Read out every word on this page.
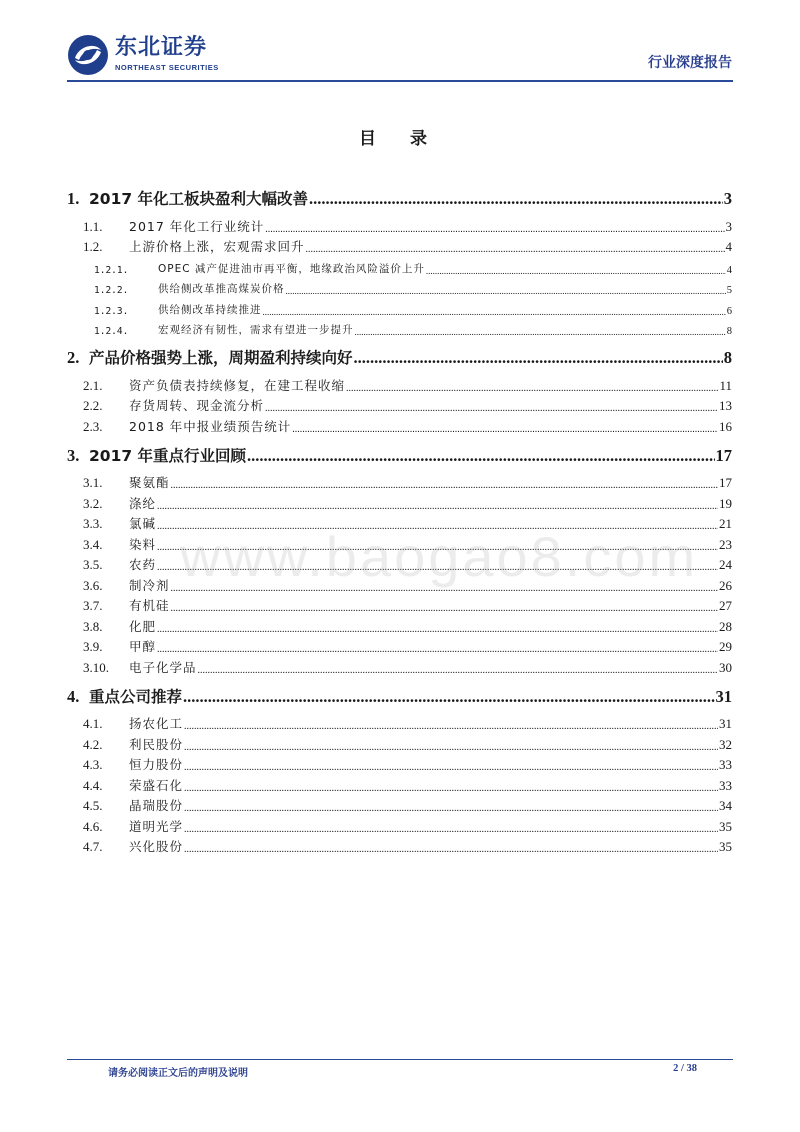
东北证券
NORTHEAST SECURITIES	行业深度报告
目 录
1. 2017 年化工板块盈利大幅改善 .....	3
1.1.	2017 年化工行业统计 .....	3
1.2.	上游价格上涨，宏观需求回升 .....	4
1.2.1.	OPEC 减产促进油市再平衡，地缘政治风险溢价上升 .....	4
1.2.2.	供给侧改革推高煤炭价格 .....	5
1.2.3.	供给侧改革持续推进 .....	6
1.2.4.	宏观经济有韧性，需求有望进一步提升 .....	8
2. 产品价格强势上涨，周期盈利持续向好 .....	8
2.1.	资产负债表持续修复，在建工程收缩 .....	11
2.2.	存货周转、现金流分析 .....	13
2.3.	2018 年中报业绩预告统计 .....	16
3. 2017 年重点行业回顾 .....	17
3.1.	聚氨酯 .....	17
3.2.	涤纶 .....	19
3.3.	氯碱 .....	21
3.4.	染料 .....	23
3.5.	农药 .....	24
3.6.	制冷剂 .....	26
3.7.	有机硅 .....	27
3.8.	化肥 .....	28
3.9.	甲醇 .....	29
3.10.	电子化学品 .....	30
4. 重点公司推荐 .....	31
4.1.	扬农化工 .....	31
4.2.	利民股份 .....	32
4.3.	恒力股份 .....	33
4.4.	荣盛石化 .....	33
4.5.	晶瑞股份 .....	34
4.6.	道明光学 .....	35
4.7.	兴化股份 .....	35
www.baogao8.com
请务必阅读正文后的声明及说明	2 / 38
